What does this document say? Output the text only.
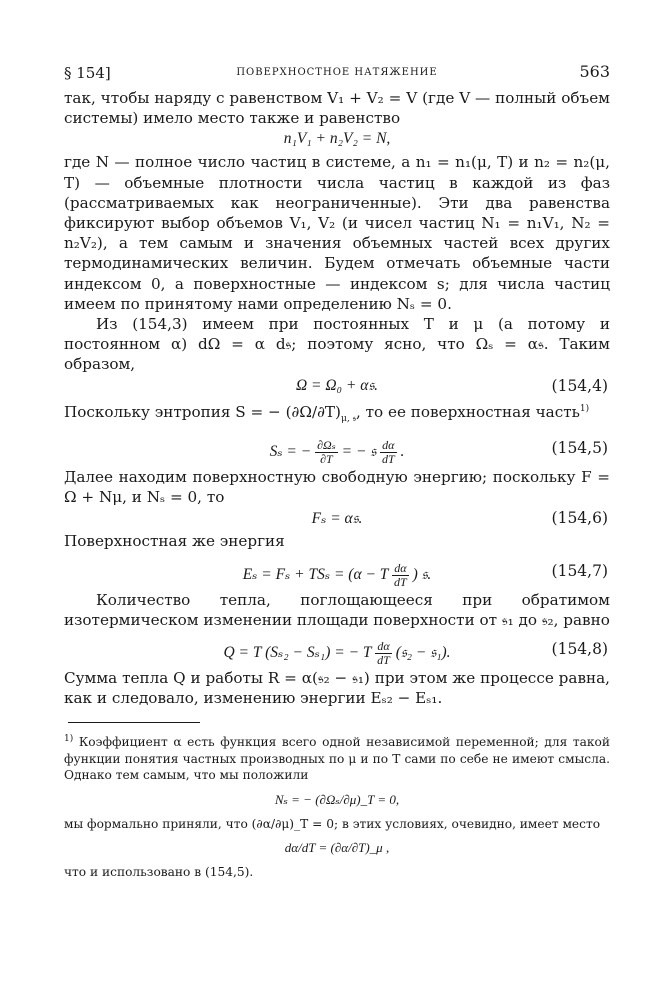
§ 154]	ПОВЕРХНОСТНОЕ НАТЯЖЕНИЕ	563

так, чтобы наряду с равенством V₁ + V₂ = V (где V — полный объем системы) имело место также и равенство

n₁V₁ + n₂V₂ = N,

где N — полное число частиц в системе, а n₁ = n₁(μ, T) и n₂ = n₂(μ, T) — объемные плотности числа частиц в каждой из фаз (рассматриваемых как неограниченные). Эти два равенства фиксируют выбор объемов V₁, V₂ (и чисел частиц N₁ = n₁V₁, N₂ = n₂V₂), а тем самым и значения объемных частей всех других термодинамических величин. Будем отмечать объемные части индексом 0, а поверхностные — индексом s; для числа частиц имеем по принятому нами определению Nₛ = 0.

Из (154,3) имеем при постоянных T и μ (а потому и постоянном α) dΩ = α d𝔰; поэтому ясно, что Ωₛ = α𝔰. Таким образом,

Ω = Ω₀ + α𝔰.	(154,4)

Поскольку энтропия S = − $(\partial\Omega/\partial T)_{\mu, 𝔰}$, то ее поверхностная часть$^{1)}$

Sₛ = − $\frac{\text{∂Ωₛ}}{\partial T}$ = − 𝔰 $\frac{d\alpha}{dT}$ .	(154,5)

Далее находим поверхностную свободную энергию; поскольку F = Ω + Nμ, и Nₛ = 0, то

Fₛ = α𝔰.	(154,6)

Поверхностная же энергия

Eₛ = Fₛ + TSₛ = (α − T $\frac{d\alpha}{dT}$ ) 𝔰.	(154,7)

Количество тепла, поглощающееся при обратимом изотермическом изменении площади поверхности от 𝔰₁ до 𝔰₂, равно

Q = T (Sₛ₂ − Sₛ₁) = − T $\frac{d\alpha}{dT}$ (𝔰₂ − 𝔰₁).	(154,8)

Сумма тепла Q и работы R = α(𝔰₂ − 𝔰₁) при этом же процессе равна, как и следовало, изменению энергии Eₛ₂ − Eₛ₁.

$^{1)}$ Коэффициент α есть функция всего одной независимой переменной; для такой функции понятия частных производных по μ и по T сами по себе не имеют смысла. Однако тем самым, что мы положили

Nₛ = − (∂Ωₛ/∂μ)_T = 0,

мы формально приняли, что (∂α/∂μ)_T = 0; в этих условиях, очевидно, имеет место

dα/dT = (∂α/∂T)_μ ,

что и использовано в (154,5).
